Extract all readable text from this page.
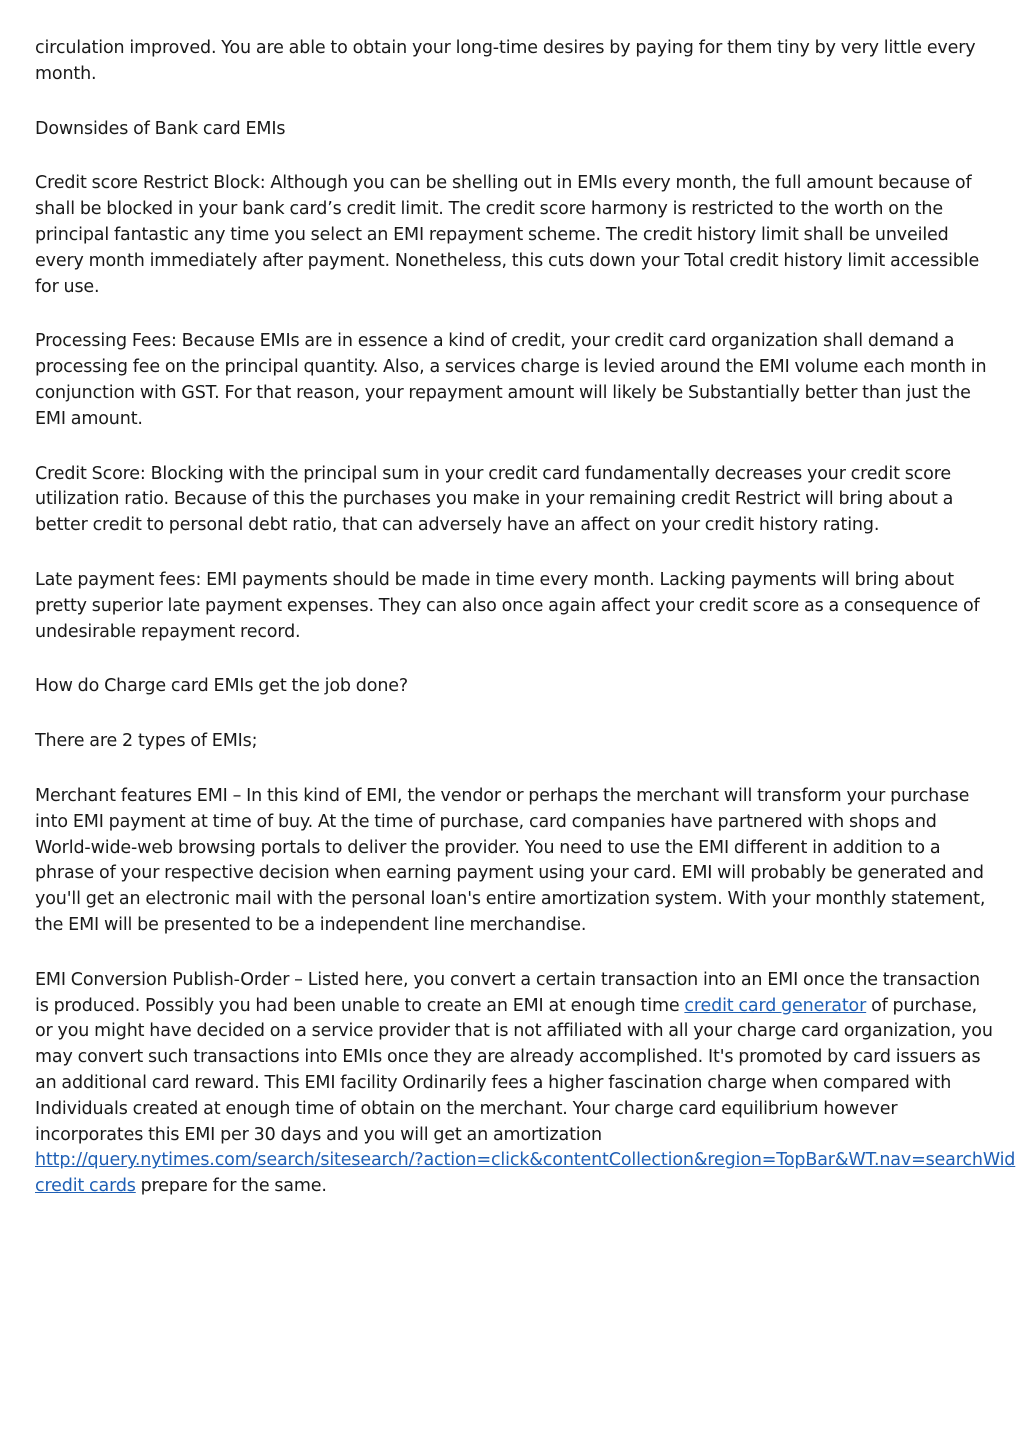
circulation improved. You are able to obtain your long-time desires by paying for them tiny by very little every month.

Downsides of Bank card EMIs

Credit score Restrict Block: Although you can be shelling out in EMIs every month, the full amount because of shall be blocked in your bank card’s credit limit. The credit score harmony is restricted to the worth on the principal fantastic any time you select an EMI repayment scheme. The credit history limit shall be unveiled every month immediately after payment. Nonetheless, this cuts down your Total credit history limit accessible for use.

Processing Fees: Because EMIs are in essence a kind of credit, your credit card organization shall demand a processing fee on the principal quantity. Also, a services charge is levied around the EMI volume each month in conjunction with GST. For that reason, your repayment amount will likely be Substantially better than just the EMI amount.

Credit Score: Blocking with the principal sum in your credit card fundamentally decreases your credit score utilization ratio. Because of this the purchases you make in your remaining credit Restrict will bring about a better credit to personal debt ratio, that can adversely have an affect on your credit history rating.

Late payment fees: EMI payments should be made in time every month. Lacking payments will bring about pretty superior late payment expenses. They can also once again affect your credit score as a consequence of undesirable repayment record.

How do Charge card EMIs get the job done?

There are 2 types of EMIs;

Merchant features EMI – In this kind of EMI, the vendor or perhaps the merchant will transform your purchase into EMI payment at time of buy. At the time of purchase, card companies have partnered with shops and World-wide-web browsing portals to deliver the provider. You need to use the EMI different in addition to a phrase of your respective decision when earning payment using your card. EMI will probably be generated and you'll get an electronic mail with the personal loan's entire amortization system. With your monthly statement, the EMI will be presented to be a independent line merchandise.

EMI Conversion Publish-Order – Listed here, you convert a certain transaction into an EMI once the transaction is produced. Possibly you had been unable to create an EMI at enough time credit card generator of purchase, or you might have decided on a service provider that is not affiliated with all your charge card organization, you may convert such transactions into EMIs once they are already accomplished. It's promoted by card issuers as an additional card reward. This EMI facility Ordinarily fees a higher fascination charge when compared with Individuals created at enough time of obtain on the merchant. Your charge card equilibrium however incorporates this EMI per 30 days and you will get an amortization
http://query.nytimes.com/search/sitesearch/?action=click&contentCollection&region=TopBar&WT.nav=searchWid
credit cards prepare for the same.
